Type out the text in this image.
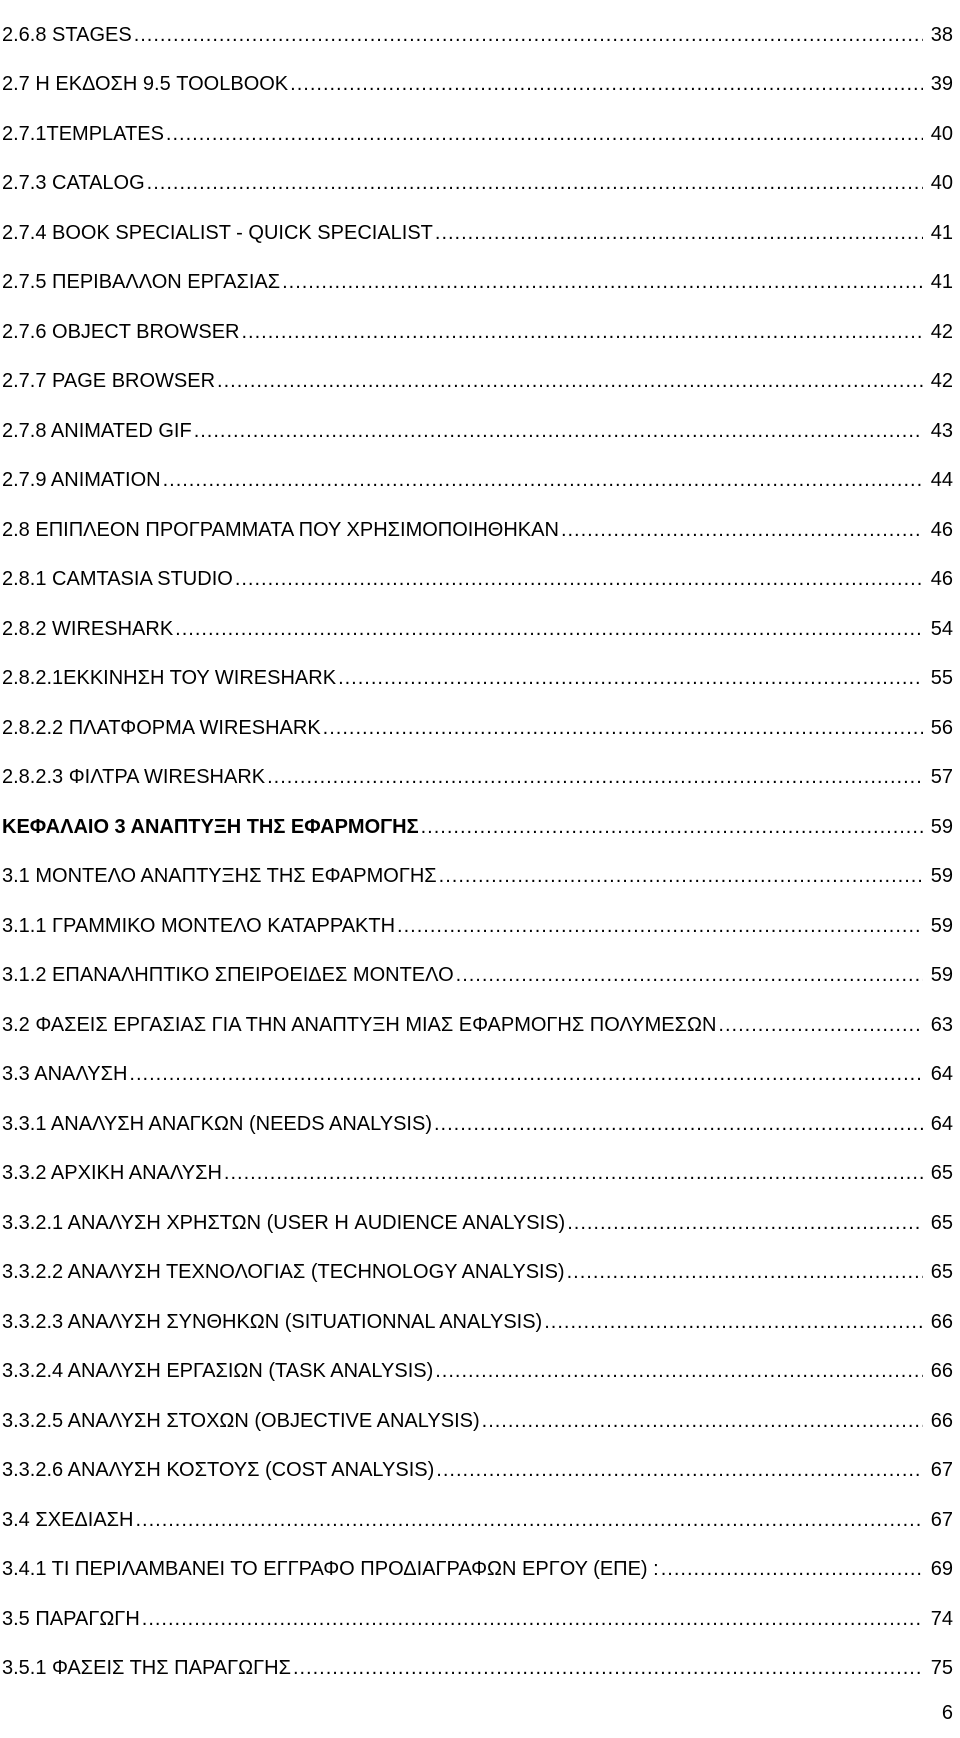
2.6.8 STAGES .....	38
2.7 Η ΕΚΔΟΣΗ 9.5 TOOLBOOK .....	39
2.7.1TEMPLATES .....	40
2.7.3 CATALOG .....	40
2.7.4 BOOK SPECIALIST - QUICK SPECIALIST .....	41
2.7.5 ΠΕΡΙΒΑΛΛΟΝ ΕΡΓΑΣΙΑΣ .....	41
2.7.6 OBJECT BROWSER .....	42
2.7.7 PAGE BROWSER .....	42
2.7.8 ANIMATED GIF .....	43
2.7.9 ANIMATION .....	44
2.8 ΕΠΙΠΛΕΟΝ ΠΡΟΓΡΑΜΜΑΤΑ ΠΟΥ ΧΡΗΣΙΜΟΠΟΙΗΘΗΚΑΝ .....	46
2.8.1 CAMTASIA STUDIO .....	46
2.8.2 WIRESHARK .....	54
2.8.2.1ΕΚΚΙΝΗΣΗ ΤΟΥ WIRESHARK .....	55
2.8.2.2 ΠΛΑΤΦΟΡΜΑ WIRESHARK .....	56
2.8.2.3 ΦΙΛΤΡΑ WIRESHARK .....	57
ΚΕΦΑΛΑΙΟ 3 ΑΝΑΠΤΥΞΗ ΤΗΣ ΕΦΑΡΜΟΓΗΣ .....	59
3.1 ΜΟΝΤΕΛΟ ΑΝΑΠΤΥΞΗΣ ΤΗΣ ΕΦΑΡΜΟΓΗΣ .....	59
3.1.1 ΓΡΑΜΜΙΚΟ ΜΟΝΤΕΛΟ ΚΑΤΑΡΡΑΚΤΗ .....	59
3.1.2 ΕΠΑΝΑΛΗΠΤΙΚΟ ΣΠΕΙΡΟΕΙΔΕΣ ΜΟΝΤΕΛΟ .....	59
3.2 ΦΑΣΕΙΣ ΕΡΓΑΣΙΑΣ ΓΙΑ ΤΗΝ ΑΝΑΠΤΥΞΗ ΜΙΑΣ ΕΦΑΡΜΟΓΗΣ ΠΟΛΥΜΕΣΩΝ .....	63
3.3 ΑΝΑΛΥΣΗ .....	64
3.3.1 ΑΝΑΛΥΣΗ ΑΝΑΓΚΩΝ (NEEDS ANALYSIS) .....	64
3.3.2 ΑΡΧΙΚΗ ΑΝΑΛΥΣΗ .....	65
3.3.2.1 ΑΝΑΛΥΣΗ ΧΡΗΣΤΩΝ (USER Η AUDIENCE ANALYSIS) .....	65
3.3.2.2 ΑΝΑΛΥΣΗ ΤΕΧΝΟΛΟΓΙΑΣ (TECHNOLOGY ANALYSIS) .....	65
3.3.2.3 ΑΝΑΛΥΣΗ ΣΥΝΘΗΚΩΝ (SITUATIONNAL ANALYSIS) .....	66
3.3.2.4 ΑΝΑΛΥΣΗ ΕΡΓΑΣΙΩΝ (TASK ANALYSIS) .....	66
3.3.2.5 ΑΝΑΛΥΣΗ ΣΤΟΧΩΝ (OBJECTIVE ANALYSIS) .....	66
3.3.2.6 ΑΝΑΛΥΣΗ ΚΟΣΤΟΥΣ (COST ANALYSIS) .....	67
3.4 ΣΧΕΔΙΑΣΗ .....	67
3.4.1 ΤΙ ΠΕΡΙΛΑΜΒΑΝΕΙ ΤΟ ΕΓΓΡΑΦΟ ΠΡΟΔΙΑΓΡΑΦΩΝ ΕΡΓΟΥ (ΕΠΕ) : .....	69
3.5 ΠΑΡΑΓΩΓΗ .....	74
3.5.1 ΦΑΣΕΙΣ ΤΗΣ ΠΑΡΑΓΩΓΗΣ .....	75
6
